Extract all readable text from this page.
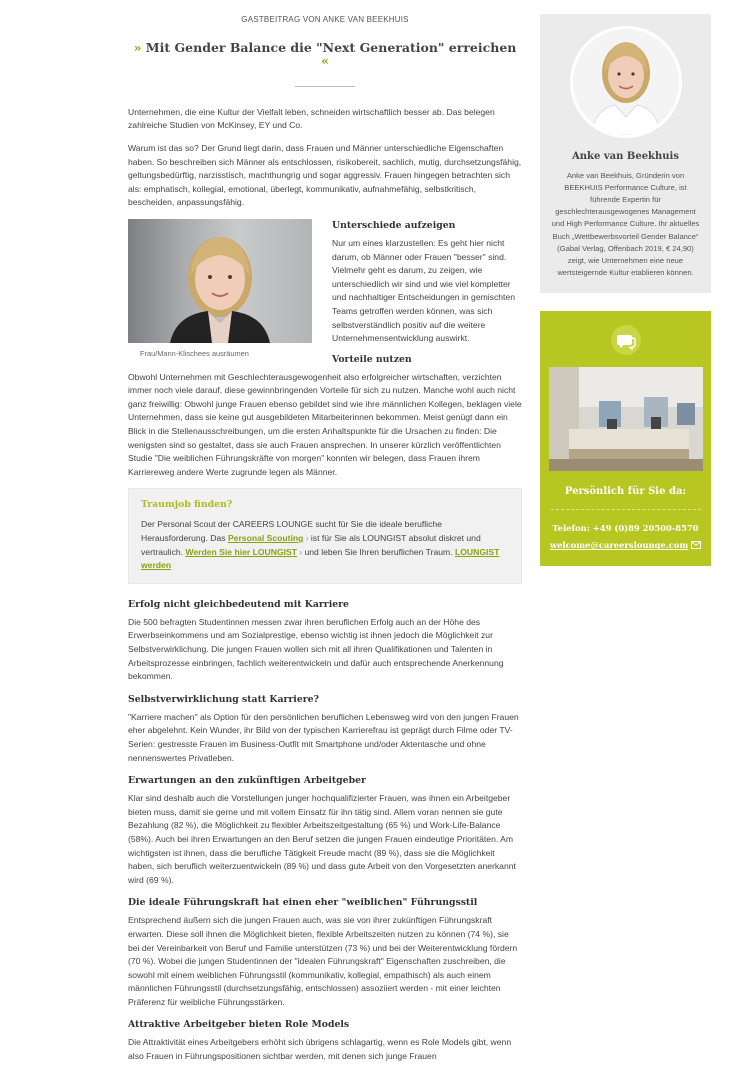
GASTBEITRAG VON ANKE VAN BEEKHUIS
» Mit Gender Balance die "Next Generation" erreichen «

Unternehmen, die eine Kultur der Vielfalt leben, schneiden wirtschaftlich besser ab. Das belegen zahlreiche Studien von McKinsey, EY und Co.

Warum ist das so? Der Grund liegt darin, dass Frauen und Männer unterschiedliche Eigenschaften haben. So beschreiben sich Männer als entschlossen, risikobereit, sachlich, mutig, durchsetzungsfähig, geltungsbedürftig, narzisstisch, machthungrig und sogar aggressiv. Frauen hingegen betrachten sich als: emphatisch, kollegial, emotional, überlegt, kommunikativ, aufnahmefähig, selbstkritisch, bescheiden, anpassungsfähig.

Frau/Mann-Klischees ausräumen
Unterschiede aufzeigen

Nur um eines klarzustellen: Es geht hier nicht darum, ob Männer oder Frauen "besser" sind. Vielmehr geht es darum, zu zeigen, wie unterschiedlich wir sind und wie viel kompletter und nachhaltiger Entscheidungen in gemischten Teams getroffen werden können, was sich selbstverständlich positiv auf die weitere Unternehmensentwicklung auswirkt.

Vorteile nutzen

Obwohl Unternehmen mit Geschlechterausgewogenheit also erfolgreicher wirtschaften, verzichten immer noch viele darauf, diese gewinnbringenden Vorteile für sich zu nutzen. Manche wohl auch nicht ganz freiwillig: Obwohl junge Frauen ebenso gebildet sind wie ihre männlichen Kollegen, beklagen viele Unternehmen, dass sie keine gut ausgebildeten Mitarbeiterinnen bekommen. Meist genügt dann ein Blick in die Stellenausschreibungen, um die ersten Anhaltspunkte für die Ursachen zu finden: Die wenigsten sind so gestaltet, dass sie auch Frauen ansprechen. In unserer kürzlich veröffentlichten Studie "Die weiblichen Führungskräfte von morgen" konnten wir belegen, dass Frauen ihrem Karriereweg andere Werte zugrunde legen als Männer.

Traumjob finden?
Der Personal Scout der CAREERS LOUNGE sucht für Sie die ideale berufliche Herausforderung. Das Personal Scouting › ist für Sie als LOUNGIST absolut diskret und vertraulich. Werden Sie hier LOUNGIST › und leben Sie Ihren beruflichen Traum. LOUNGIST werden
Erfolg nicht gleichbedeutend mit Karriere

Die 500 befragten Studentinnen messen zwar ihren beruflichen Erfolg auch an der Höhe des Erwerbseinkommens und am Sozialprestige, ebenso wichtig ist ihnen jedoch die Möglichkeit zur Selbstverwirklichung. Die jungen Frauen wollen sich mit all ihren Qualifikationen und Talenten in Arbeitsprozesse einbringen, fachlich weiterentwickeln und dafür auch entsprechende Anerkennung bekommen.

Selbstverwirklichung statt Karriere?

"Karriere machen" als Option für den persönlichen beruflichen Lebensweg wird von den jungen Frauen eher abgelehnt. Kein Wunder, ihr Bild von der typischen Karrierefrau ist geprägt durch Filme oder TV-Serien: gestresste Frauen im Business-Outfit mit Smartphone und/oder Aktentasche und ohne nennenswertes Privatleben.

Erwartungen an den zukünftigen Arbeitgeber

Klar sind deshalb auch die Vorstellungen junger hochqualifizierter Frauen, was ihnen ein Arbeitgeber bieten muss, damit sie gerne und mit vollem Einsatz für ihn tätig sind. Allem voran nennen sie gute Bezahlung (82 %), die Möglichkeit zu flexibler Arbeitszeitgestaltung (65 %) und Work-Life-Balance (58%). Auch bei ihren Erwartungen an den Beruf setzen die jungen Frauen eindeutige Prioritäten. Am wichtigsten ist ihnen, dass die berufliche Tätigkeit Freude macht (89 %), dass sie die Möglichkeit haben, sich beruflich weiterzuentwickeln (89 %) und dass gute Arbeit von den Vorgesetzten anerkannt wird (69 %).

Die ideale Führungskraft hat einen eher "weiblichen" Führungsstil

Entsprechend äußern sich die jungen Frauen auch, was sie von ihrer zukünftigen Führungskraft erwarten. Diese soll ihnen die Möglichkeit bieten, flexible Arbeitszeiten nutzen zu können (74 %), sie bei der Vereinbarkeit von Beruf und Familie unterstützen (73 %) und bei der Weiterentwicklung fördern (70 %). Wobei die jungen Studentinnen der "idealen Führungskraft" Eigenschaften zuschreiben, die sowohl mit einem weiblichen Führungsstil (kommunikativ, kollegial, empathisch) als auch einem männlichen Führungsstil (durchsetzungsfähig, entschlossen) assoziiert werden - mit einer leichten Präferenz für weibliche Führungsstärken.

Attraktive Arbeitgeber bieten Role Models

Die Attraktivität eines Arbeitgebers erhöht sich übrigens schlagartig, wenn es Role Models gibt, wenn also Frauen in Führungspositionen sichtbar werden, mit denen sich junge Frauen

Anke van Beekhuis

Anke van Beekhuis, Gründerin von BEEKHUIS Performance Culture, ist führende Expertin für geschlechterausgewogenes Management und High Performance Culture. Ihr aktuelles Buch „Wettbewerbsvorteil Gender Balance“ (Gabal Verlag, Offenbach 2019, € 24,90) zeigt, wie Unternehmen eine neue wertsteigernde Kultur etablieren können.

Persönlich für Sie da:
Telefon: +49 (0)89 20500-8570
welcome@careerslounge.com
